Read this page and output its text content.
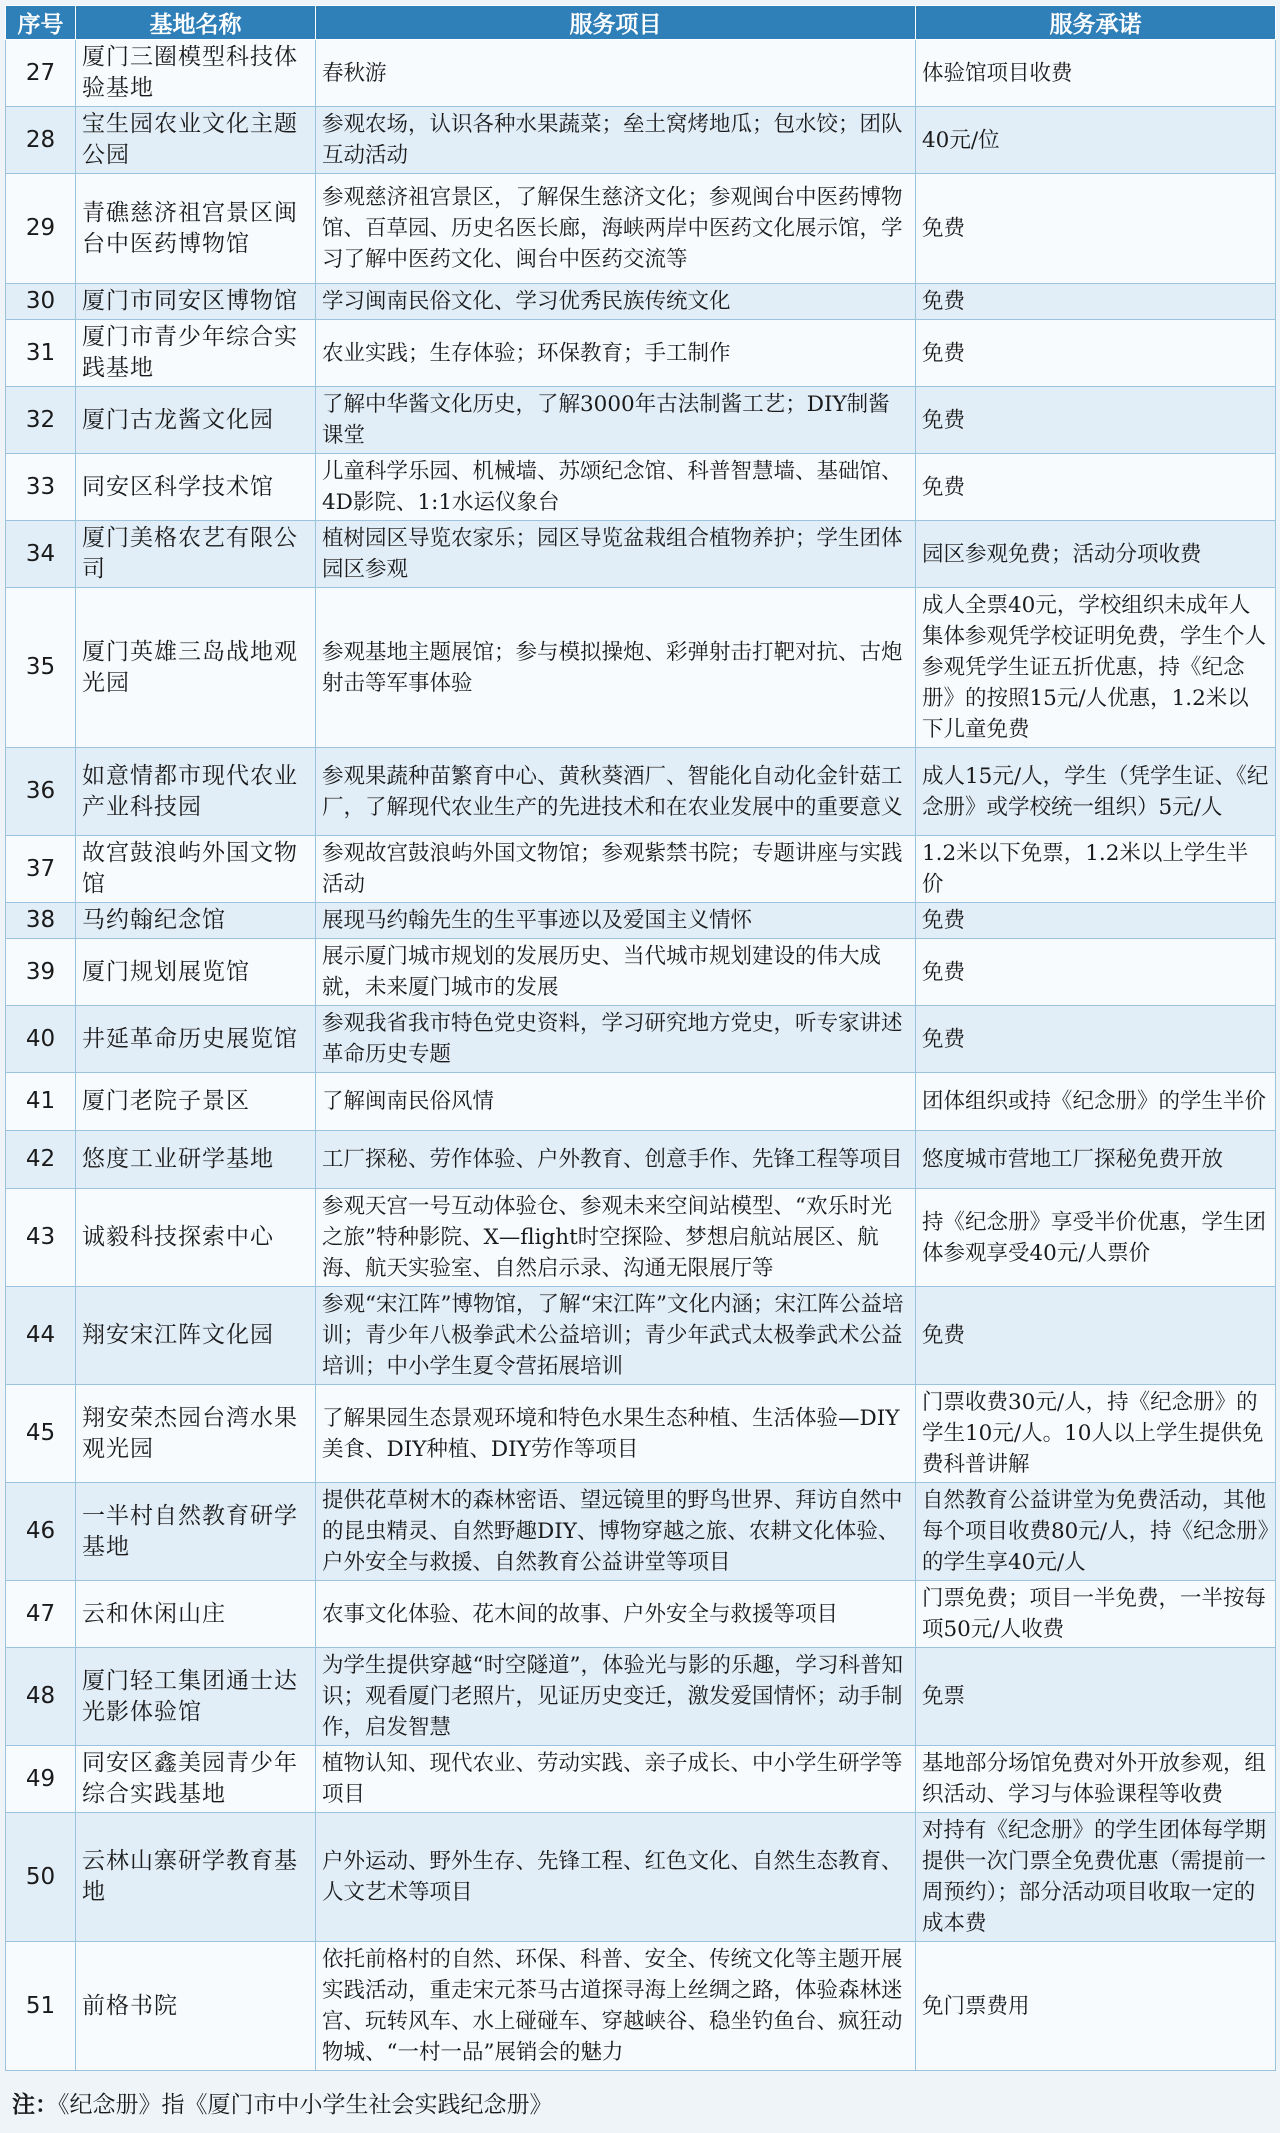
序号	基地名称	服务项目	服务承诺
27	厦门三圈模型科技体验基地	春秋游	体验馆项目收费
28	宝生园农业文化主题公园	参观农场，认识各种水果蔬菜；垒土窝烤地瓜；包水饺；团队互动活动	40元/位
29	青礁慈济祖宫景区闽台中医药博物馆	参观慈济祖宫景区，了解保生慈济文化；参观闽台中医药博物馆、百草园、历史名医长廊，海峡两岸中医药文化展示馆，学习了解中医药文化、闽台中医药交流等	免费
30	厦门市同安区博物馆	学习闽南民俗文化、学习优秀民族传统文化	免费
31	厦门市青少年综合实践基地	农业实践；生存体验；环保教育；手工制作	免费
32	厦门古龙酱文化园	了解中华酱文化历史，了解3000年古法制酱工艺；DIY制酱课堂	免费
33	同安区科学技术馆	儿童科学乐园、机械墙、苏颂纪念馆、科普智慧墙、基础馆、4D影院、1:1水运仪象台	免费
34	厦门美格农艺有限公司	植树园区导览农家乐；园区导览盆栽组合植物养护；学生团体园区参观	园区参观免费；活动分项收费
35	厦门英雄三岛战地观光园	参观基地主题展馆；参与模拟操炮、彩弹射击打靶对抗、古炮射击等军事体验	成人全票40元，学校组织未成年人集体参观凭学校证明免费，学生个人参观凭学生证五折优惠，持《纪念册》的按照15元/人优惠，1.2米以下儿童免费
36	如意情都市现代农业产业科技园	参观果蔬种苗繁育中心、黄秋葵酒厂、智能化自动化金针菇工厂，了解现代农业生产的先进技术和在农业发展中的重要意义	成人15元/人，学生（凭学生证、《纪念册》或学校统一组织）5元/人
37	故宫鼓浪屿外国文物馆	参观故宫鼓浪屿外国文物馆；参观紫禁书院；专题讲座与实践活动	1.2米以下免票，1.2米以上学生半价
38	马约翰纪念馆	展现马约翰先生的生平事迹以及爱国主义情怀	免费
39	厦门规划展览馆	展示厦门城市规划的发展历史、当代城市规划建设的伟大成就，未来厦门城市的发展	免费
40	井延革命历史展览馆	参观我省我市特色党史资料，学习研究地方党史，听专家讲述革命历史专题	免费
41	厦门老院子景区	了解闽南民俗风情	团体组织或持《纪念册》的学生半价
42	悠度工业研学基地	工厂探秘、劳作体验、户外教育、创意手作、先锋工程等项目	悠度城市营地工厂探秘免费开放
43	诚毅科技探索中心	参观天宫一号互动体验仓、参观未来空间站模型、“欢乐时光之旅”特种影院、X—flight时空探险、梦想启航站展区、航海、航天实验室、自然启示录、沟通无限展厅等	持《纪念册》享受半价优惠，学生团体参观享受40元/人票价
44	翔安宋江阵文化园	参观“宋江阵”博物馆，了解“宋江阵”文化内涵；宋江阵公益培训；青少年八极拳武术公益培训；青少年武式太极拳武术公益培训；中小学生夏令营拓展培训	免费
45	翔安荣杰园台湾水果观光园	了解果园生态景观环境和特色水果生态种植、生活体验—DIY美食、DIY种植、DIY劳作等项目	门票收费30元/人，持《纪念册》的学生10元/人。10人以上学生提供免费科普讲解
46	一半村自然教育研学基地	提供花草树木的森林密语、望远镜里的野鸟世界、拜访自然中的昆虫精灵、自然野趣DIY、博物穿越之旅、农耕文化体验、户外安全与救援、自然教育公益讲堂等项目	自然教育公益讲堂为免费活动，其他每个项目收费80元/人，持《纪念册》的学生享40元/人
47	云和休闲山庄	农事文化体验、花木间的故事、户外安全与救援等项目	门票免费；项目一半免费，一半按每项50元/人收费
48	厦门轻工集团通士达光影体验馆	为学生提供穿越“时空隧道”，体验光与影的乐趣，学习科普知识；观看厦门老照片，见证历史变迁，激发爱国情怀；动手制作，启发智慧	免票
49	同安区鑫美园青少年综合实践基地	植物认知、现代农业、劳动实践、亲子成长、中小学生研学等项目	基地部分场馆免费对外开放参观，组织活动、学习与体验课程等收费
50	云林山寨研学教育基地	户外运动、野外生存、先锋工程、红色文化、自然生态教育、人文艺术等项目	对持有《纪念册》的学生团体每学期提供一次门票全免费优惠（需提前一周预约）；部分活动项目收取一定的成本费
51	前格书院	依托前格村的自然、环保、科普、安全、传统文化等主题开展实践活动，重走宋元茶马古道探寻海上丝绸之路，体验森林迷宫、玩转风车、水上碰碰车、穿越峡谷、稳坐钓鱼台、疯狂动物城、“一村一品”展销会的魅力	免门票费用
注：《纪念册》指《厦门市中小学生社会实践纪念册》
